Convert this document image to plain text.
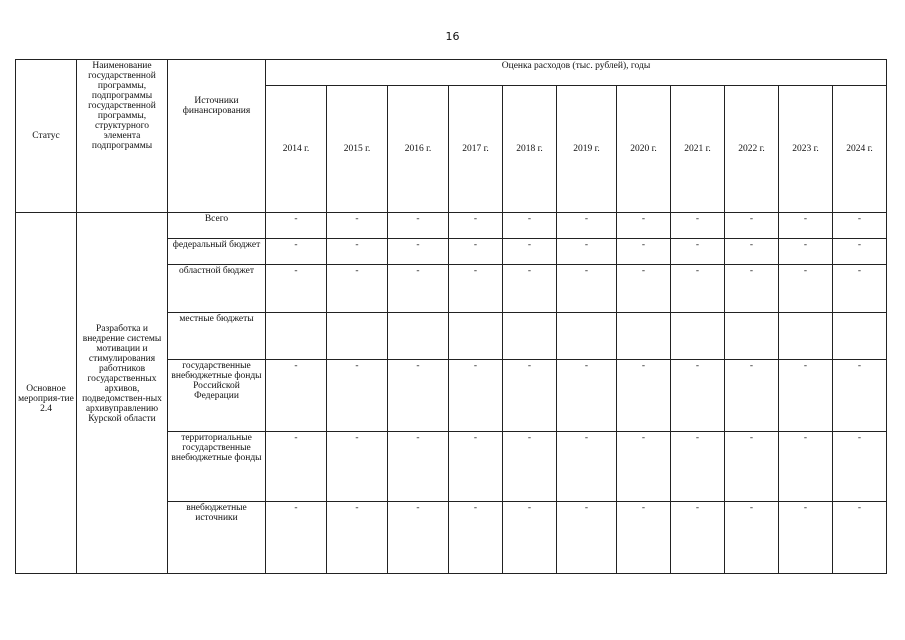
16
Статус	Наименование государственной программы, подпрограммы государственной программы, структурного элемента подпрограммы	Источники финансирования	Оценка расходов (тыс. рублей), годы										
			2014 г.	2015 г.	2016 г.	2017 г.	2018 г.	2019 г.	2020 г.	2021 г.	2022 г.	2023 г.	2024 г.
Основное мероприя-тие 2.4	Разработка и внедрение системы мотивации и стимулирования работников государственных архивов, подведомствен-ных архивуправлению Курской области	Всего	-	-	-	-	-	-	-	-	-	-	-
		федеральный бюджет	-	-	-	-	-	-	-	-	-	-	-
		областной бюджет	-	-	-	-	-	-	-	-	-	-	-
		местные бюджеты											
		государственные внебюджетные фонды Российской Федерации	-	-	-	-	-	-	-	-	-	-	-
		территориальные государственные внебюджетные фонды	-	-	-	-	-	-	-	-	-	-	-
		внебюджетные источники	-	-	-	-	-	-	-	-	-	-	-
